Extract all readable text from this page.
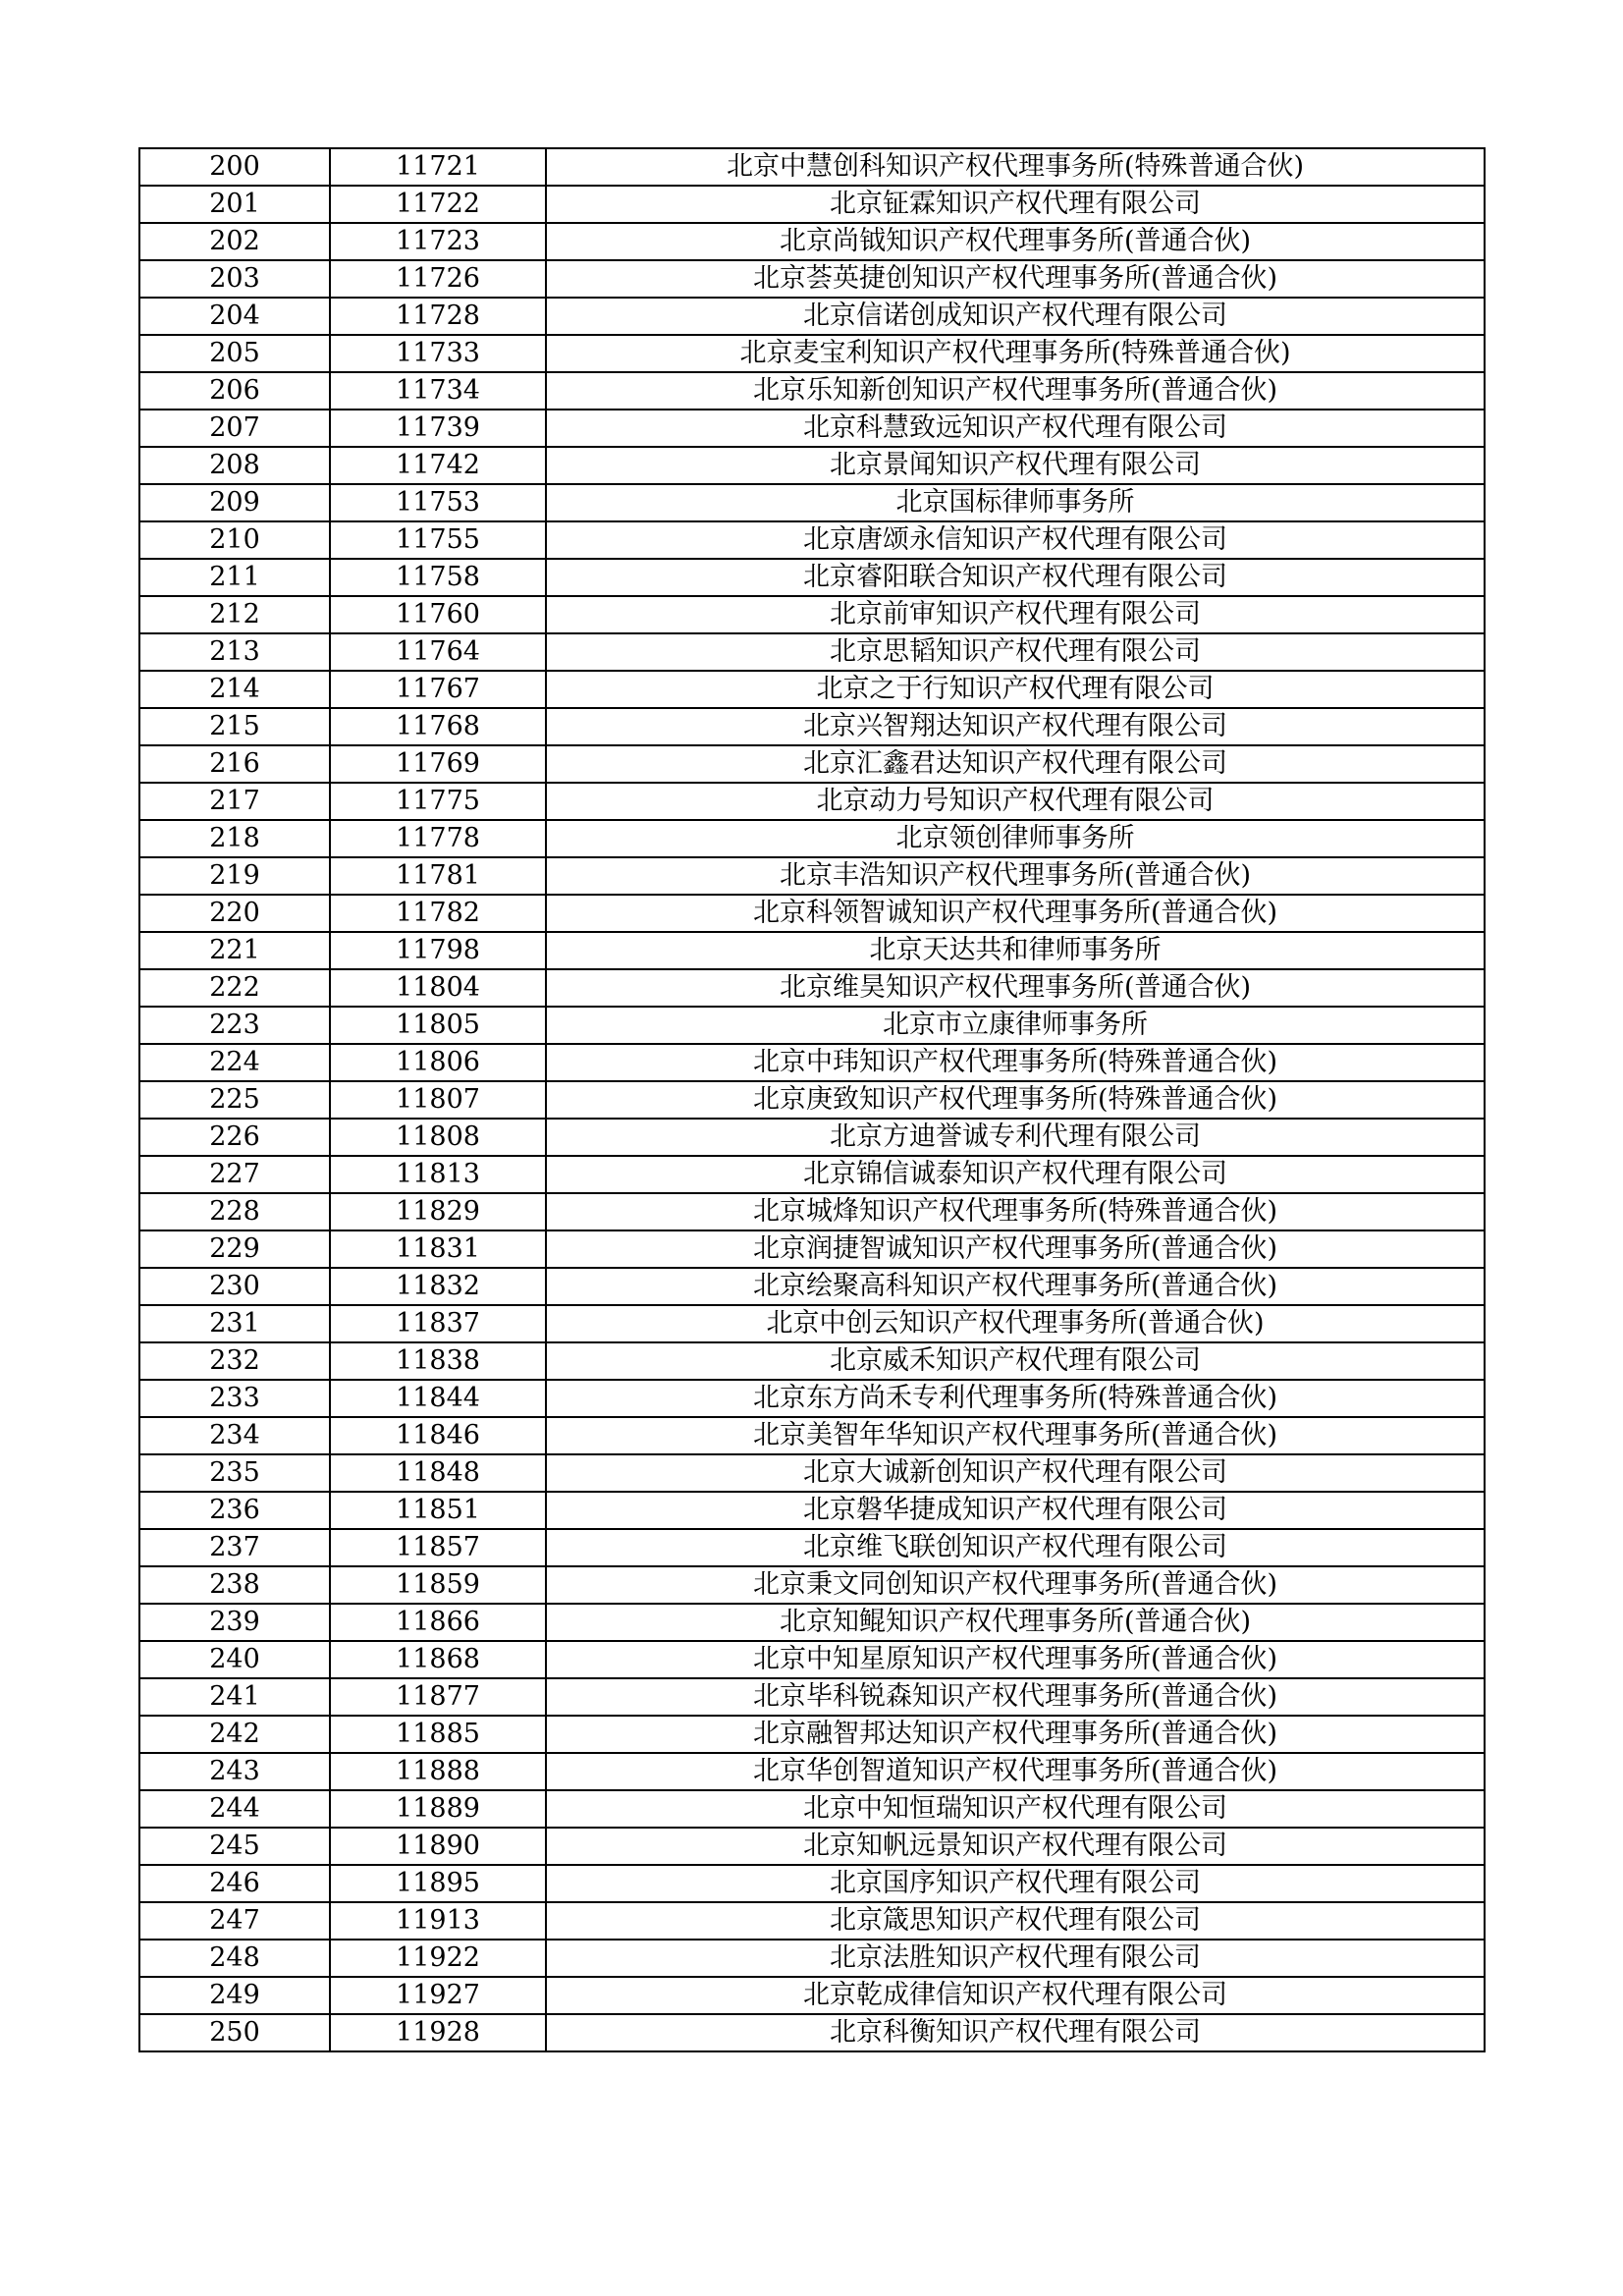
200	11721	北京中慧创科知识产权代理事务所(特殊普通合伙)
201	11722	北京钲霖知识产权代理有限公司
202	11723	北京尚钺知识产权代理事务所(普通合伙)
203	11726	北京荟英捷创知识产权代理事务所(普通合伙)
204	11728	北京信诺创成知识产权代理有限公司
205	11733	北京麦宝利知识产权代理事务所(特殊普通合伙)
206	11734	北京乐知新创知识产权代理事务所(普通合伙)
207	11739	北京科慧致远知识产权代理有限公司
208	11742	北京景闻知识产权代理有限公司
209	11753	北京国标律师事务所
210	11755	北京唐颂永信知识产权代理有限公司
211	11758	北京睿阳联合知识产权代理有限公司
212	11760	北京前审知识产权代理有限公司
213	11764	北京思韬知识产权代理有限公司
214	11767	北京之于行知识产权代理有限公司
215	11768	北京兴智翔达知识产权代理有限公司
216	11769	北京汇鑫君达知识产权代理有限公司
217	11775	北京动力号知识产权代理有限公司
218	11778	北京领创律师事务所
219	11781	北京丰浩知识产权代理事务所(普通合伙)
220	11782	北京科领智诚知识产权代理事务所(普通合伙)
221	11798	北京天达共和律师事务所
222	11804	北京维昊知识产权代理事务所(普通合伙)
223	11805	北京市立康律师事务所
224	11806	北京中玮知识产权代理事务所(特殊普通合伙)
225	11807	北京庚致知识产权代理事务所(特殊普通合伙)
226	11808	北京方迪誉诚专利代理有限公司
227	11813	北京锦信诚泰知识产权代理有限公司
228	11829	北京城烽知识产权代理事务所(特殊普通合伙)
229	11831	北京润捷智诚知识产权代理事务所(普通合伙)
230	11832	北京绘聚高科知识产权代理事务所(普通合伙)
231	11837	北京中创云知识产权代理事务所(普通合伙)
232	11838	北京威禾知识产权代理有限公司
233	11844	北京东方尚禾专利代理事务所(特殊普通合伙)
234	11846	北京美智年华知识产权代理事务所(普通合伙)
235	11848	北京大诚新创知识产权代理有限公司
236	11851	北京磐华捷成知识产权代理有限公司
237	11857	北京维飞联创知识产权代理有限公司
238	11859	北京秉文同创知识产权代理事务所(普通合伙)
239	11866	北京知鲲知识产权代理事务所(普通合伙)
240	11868	北京中知星原知识产权代理事务所(普通合伙)
241	11877	北京毕科锐森知识产权代理事务所(普通合伙)
242	11885	北京融智邦达知识产权代理事务所(普通合伙)
243	11888	北京华创智道知识产权代理事务所(普通合伙)
244	11889	北京中知恒瑞知识产权代理有限公司
245	11890	北京知帆远景知识产权代理有限公司
246	11895	北京国序知识产权代理有限公司
247	11913	北京箴思知识产权代理有限公司
248	11922	北京法胜知识产权代理有限公司
249	11927	北京乾成律信知识产权代理有限公司
250	11928	北京科衡知识产权代理有限公司
